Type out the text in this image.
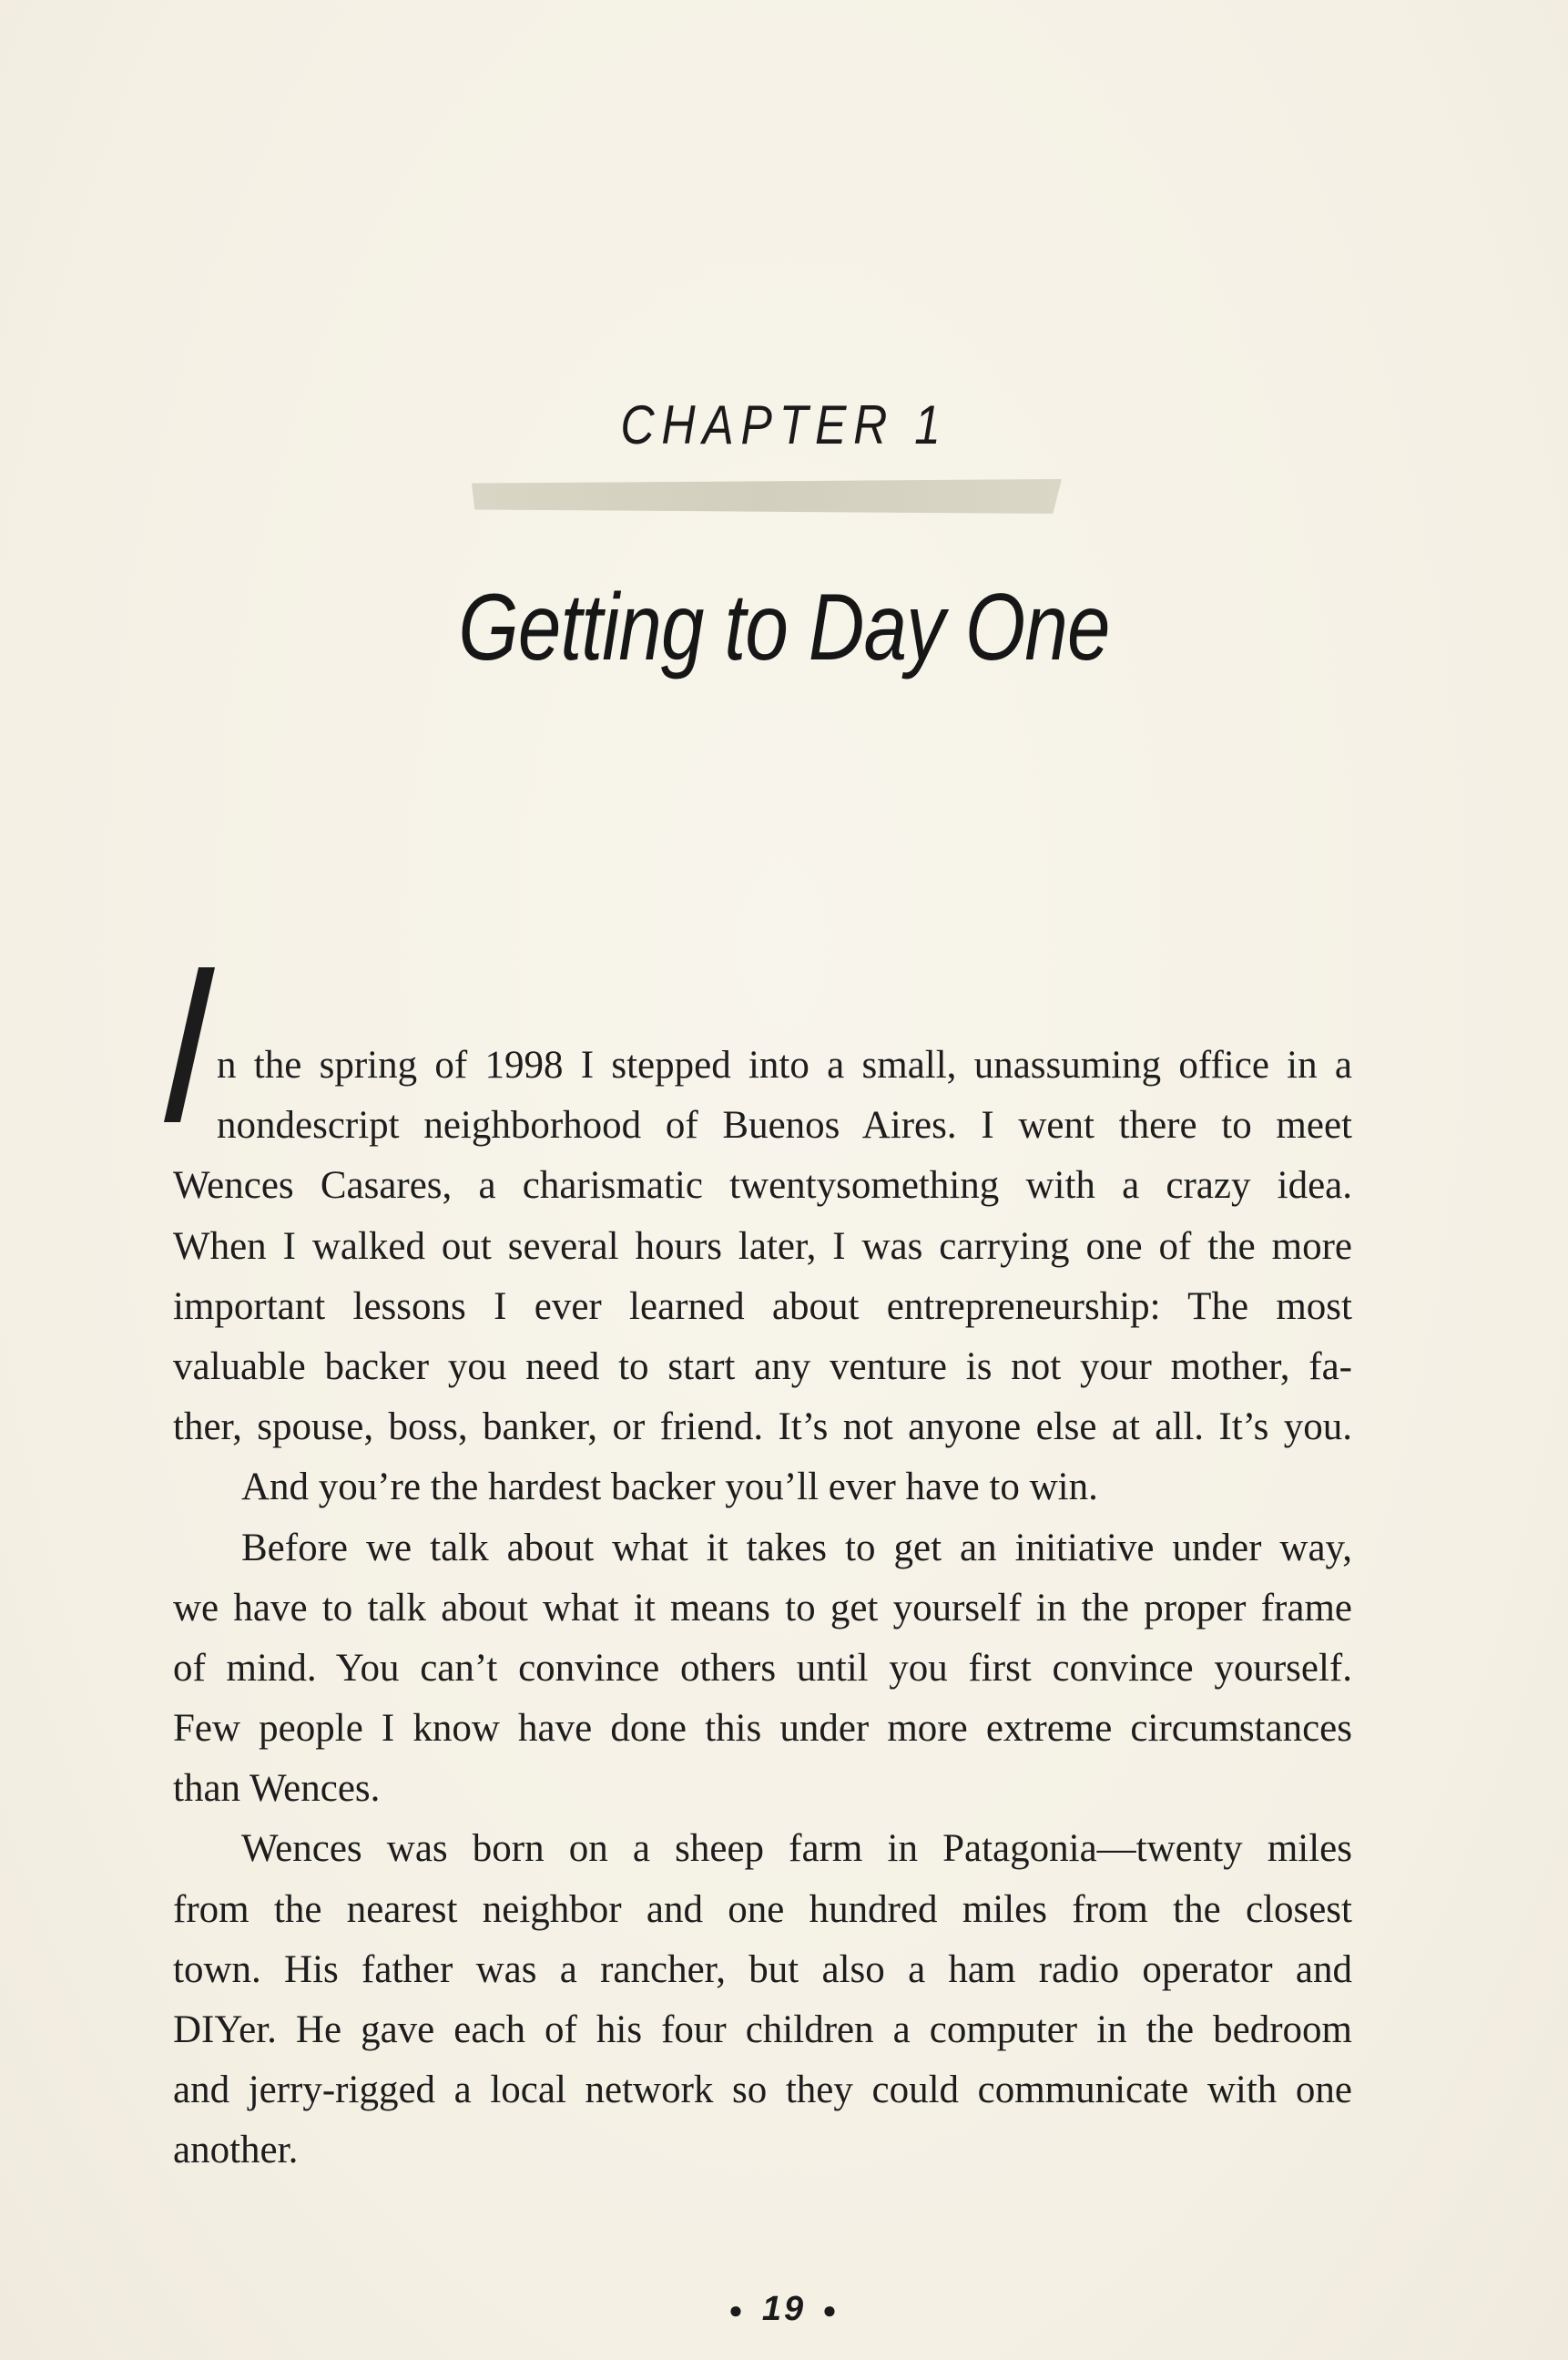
CHAPTER 1
Getting to Day One
n the spring of 1998 I stepped into a small, unassuming office in a
nondescript neighborhood of Buenos Aires. I went there to meet
Wences Casares, a charismatic twentysomething with a crazy idea.
When I walked out several hours later, I was carrying one of the more
important lessons I ever learned about entrepreneurship: The most
valuable backer you need to start any venture is not your mother, fa-
ther, spouse, boss, banker, or friend. It’s not anyone else at all. It’s you.
And you’re the hardest backer you’ll ever have to win.
Before we talk about what it takes to get an initiative under way,
we have to talk about what it means to get yourself in the proper frame
of mind. You can’t convince others until you first convince yourself.
Few people I know have done this under more extreme circumstances
than Wences.
Wences was born on a sheep farm in Patagonia—twenty miles
from the nearest neighbor and one hundred miles from the closest
town. His father was a rancher, but also a ham radio operator and
DIYer. He gave each of his four children a computer in the bedroom
and jerry-rigged a local network so they could communicate with one
another.
● 19 ●
